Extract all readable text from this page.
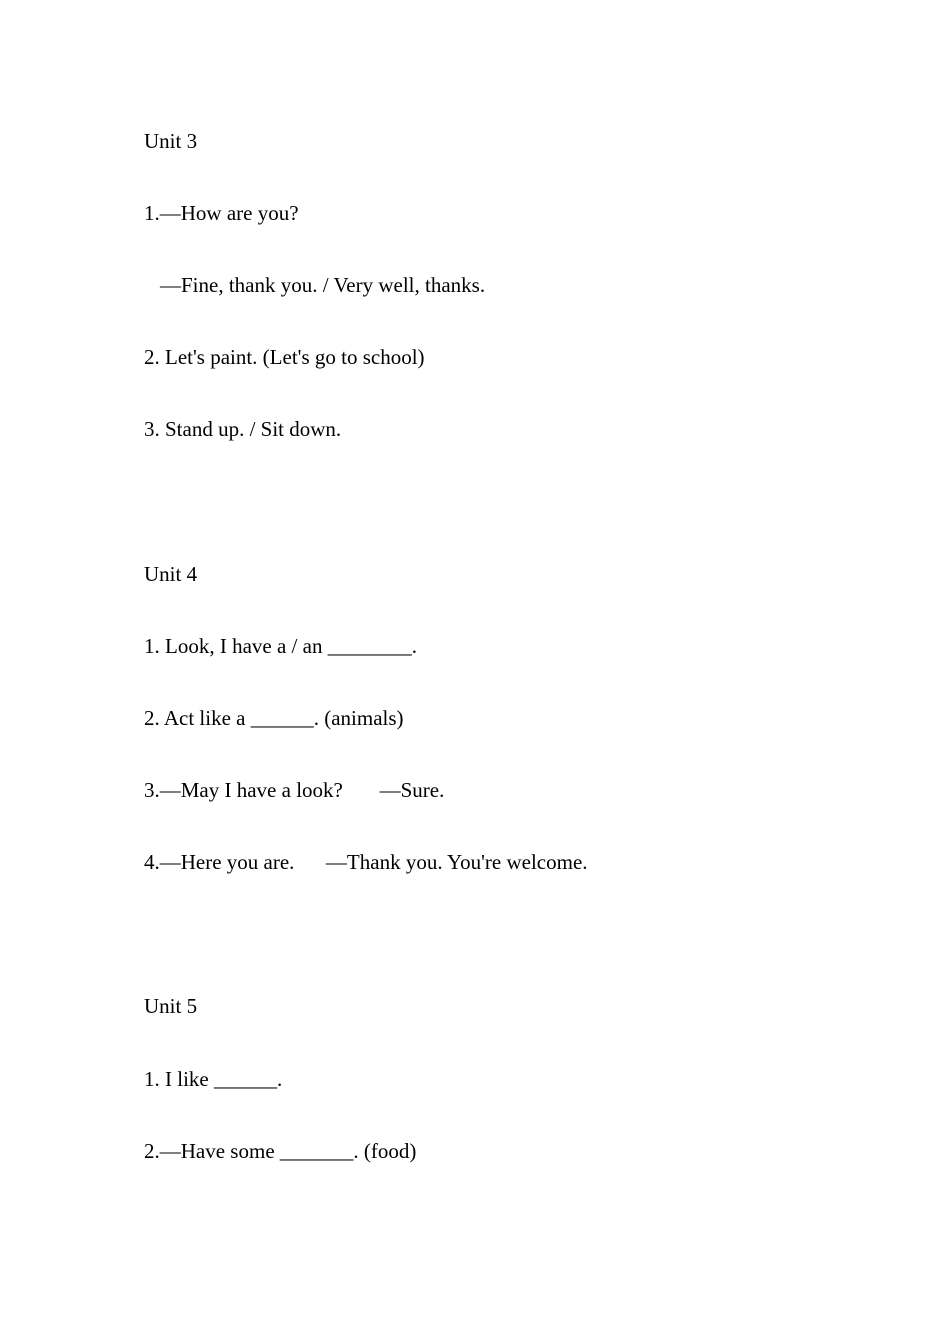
Unit 3
1.—How are you?
—Fine, thank you. / Very well, thanks.
2. Let's paint. (Let's go to school)
3. Stand up. / Sit down.
Unit 4
1. Look, I have a / an ________.
2. Act like a ______. (animals)
3.—May I have a look?       —Sure.
4.—Here you are.      —Thank you. You're welcome.
Unit 5
1. I like ______.
2.—Have some _______. (food)
